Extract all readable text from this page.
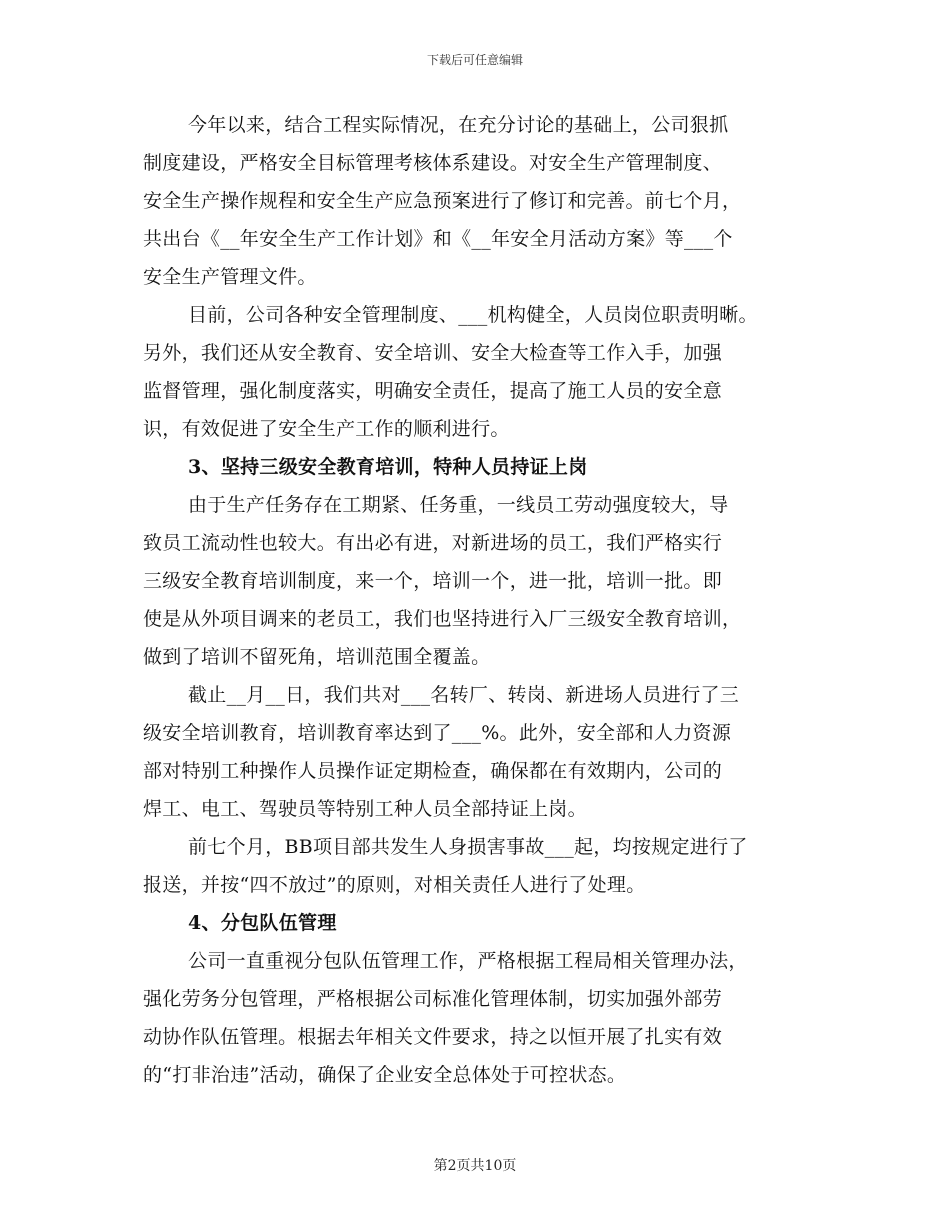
下载后可任意编辑
今年以来，结合工程实际情况，在充分讨论的基础上，公司狠抓
制度建设，严格安全目标管理考核体系建设。对安全生产管理制度、
安全生产操作规程和安全生产应急预案进行了修订和完善。前七个月，
共出台《__年安全生产工作计划》和《__年安全月活动方案》等___个
安全生产管理文件。
目前，公司各种安全管理制度、___机构健全，人员岗位职责明晰。
另外，我们还从安全教育、安全培训、安全大检查等工作入手，加强
监督管理，强化制度落实，明确安全责任，提高了施工人员的安全意
识，有效促进了安全生产工作的顺利进行。
3、坚持三级安全教育培训，特种人员持证上岗
由于生产任务存在工期紧、任务重，一线员工劳动强度较大，导
致员工流动性也较大。有出必有进，对新进场的员工，我们严格实行
三级安全教育培训制度，来一个，培训一个，进一批，培训一批。即
使是从外项目调来的老员工，我们也坚持进行入厂三级安全教育培训，
做到了培训不留死角，培训范围全覆盖。
截止__月__日，我们共对___名转厂、转岗、新进场人员进行了三
级安全培训教育，培训教育率达到了___%。此外，安全部和人力资源
部对特别工种操作人员操作证定期检查，确保都在有效期内，公司的
焊工、电工、驾驶员等特别工种人员全部持证上岗。
前七个月，BB项目部共发生人身损害事故___起，均按规定进行了
报送，并按“四不放过”的原则，对相关责任人进行了处理。
4、分包队伍管理
公司一直重视分包队伍管理工作，严格根据工程局相关管理办法，
强化劳务分包管理，严格根据公司标准化管理体制，切实加强外部劳
动协作队伍管理。根据去年相关文件要求，持之以恒开展了扎实有效
的“打非治违”活动，确保了企业安全总体处于可控状态。
第2页共10页
